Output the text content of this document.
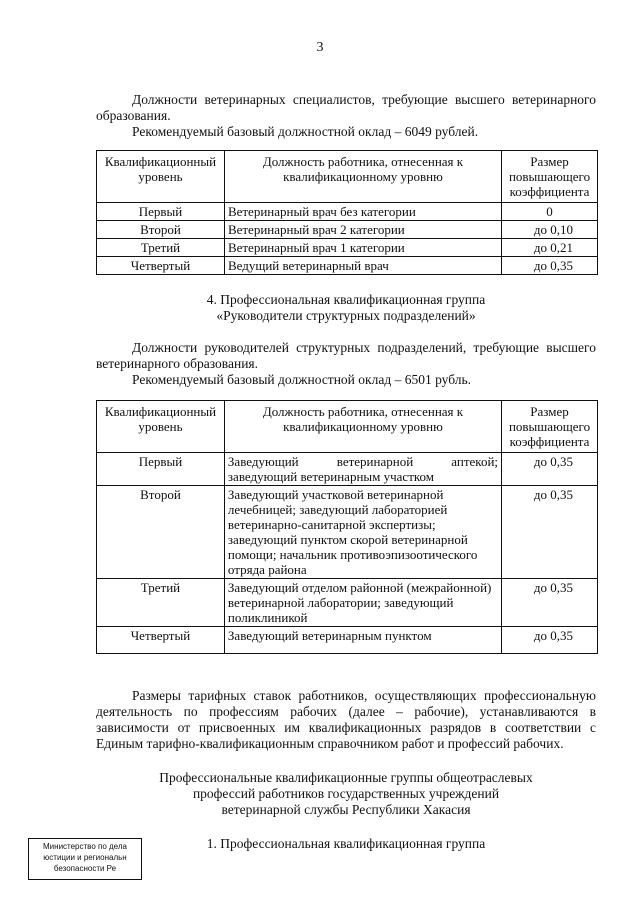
3
Должности ветеринарных специалистов, требующие высшего ветеринарного образования.
Рекомендуемый базовый должностной оклад – 6049 рублей.
Квалификационный уровень	Должность работника, отнесенная к квалификационному уровню	Размер повышающего коэффициента
Первый	Ветеринарный врач без категории	0
Второй	Ветеринарный врач 2 категории	до 0,10
Третий	Ветеринарный врач 1 категории	до 0,21
Четвертый	Ведущий ветеринарный врач	до 0,35
4. Профессиональная квалификационная группа
«Руководители структурных подразделений»
Должности руководителей структурных подразделений, требующие высшего ветеринарного образования.
Рекомендуемый базовый должностной оклад – 6501 рубль.
Квалификационный уровень	Должность работника, отнесенная к квалификационному уровню	Размер повышающего коэффициента
Первый	Заведующий ветеринарной аптекой; заведующий ветеринарным участком	до 0,35
Второй	Заведующий участковой ветеринарной лечебницей; заведующий лабораторией ветеринарно-санитарной экспертизы; заведующий пунктом скорой ветеринарной помощи; начальник противоэпизоотического отряда района	до 0,35
Третий	Заведующий отделом районной (межрайонной) ветеринарной лаборатории; заведующий поликлиникой	до 0,35
Четвертый	Заведующий ветеринарным пунктом	до 0,35
Размеры тарифных ставок работников, осуществляющих профессиональную деятельность по профессиям рабочих (далее – рабочие), устанавливаются в зависимости от присвоенных им квалификационных разрядов в соответствии с Единым тарифно-квалификационным справочником работ и профессий рабочих.
Профессиональные квалификационные группы общеотраслевых
профессий работников государственных учреждений
ветеринарной службы Республики Хакасия
1. Профессиональная квалификационная группа
Министерство по дела
юстиции и региональн
безопасности Ре
